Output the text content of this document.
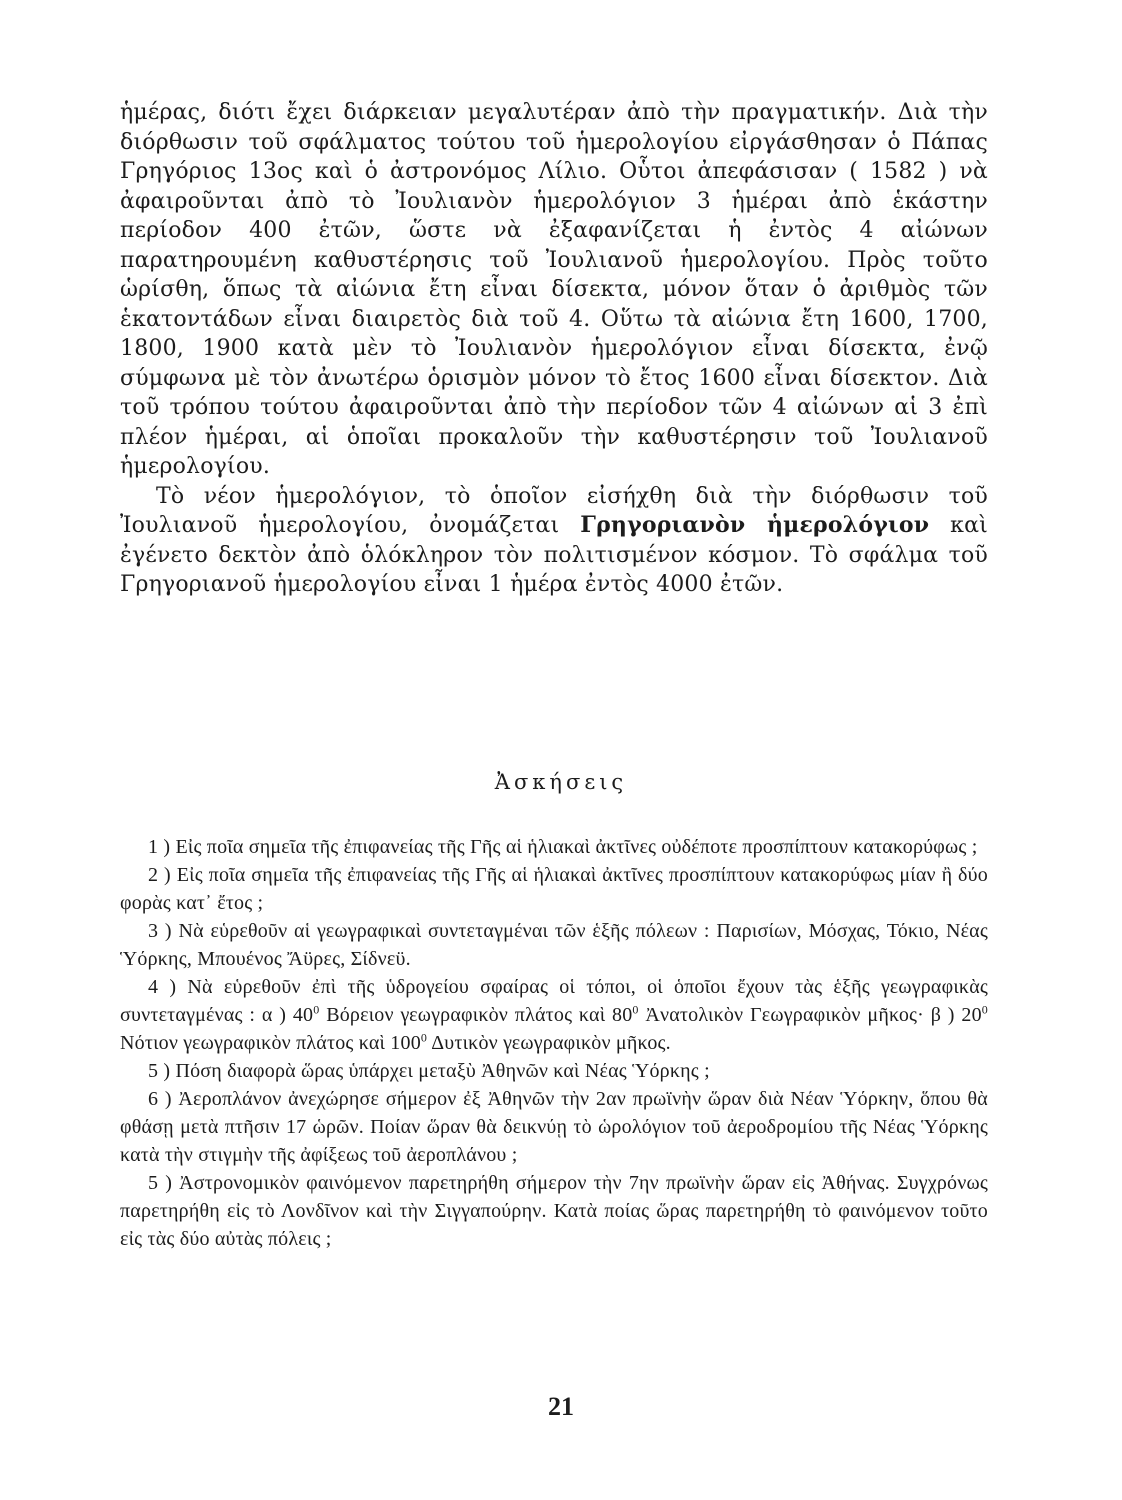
ἡμέρας, διότι ἔχει διάρκειαν μεγαλυτέραν ἀπὸ τὴν πραγματικήν. Διὰ τὴν διόρθωσιν τοῦ σφάλματος τούτου τοῦ ἡμερολογίου εἰργάσθησαν ὁ Πάπας Γρηγόριος 13ος καὶ ὁ ἀστρονόμος Λίλιο. Οὗτοι ἀπεφάσισαν ( 1582 ) νὰ ἀφαιροῦνται ἀπὸ τὸ Ἰουλιανὸν ἡμερολόγιον 3 ἡμέραι ἀπὸ ἑκάστην περίοδον 400 ἐτῶν, ὥστε νὰ ἐξαφανίζεται ἡ ἐντὸς 4 αἰώνων παρατηρουμένη καθυστέρησις τοῦ Ἰουλιανοῦ ἡμερολογίου. Πρὸς τοῦτο ὡρίσθη, ὅπως τὰ αἰώνια ἔτη εἶναι δίσεκτα, μόνον ὅταν ὁ ἀριθμὸς τῶν ἑκατοντάδων εἶναι διαιρετὸς διὰ τοῦ 4. Οὕτω τὰ αἰώνια ἔτη 1600, 1700, 1800, 1900 κατὰ μὲν τὸ Ἰουλιανὸν ἡμερολόγιον εἶναι δίσεκτα, ἐνῷ σύμφωνα μὲ τὸν ἀνωτέρω ὁρισμὸν μόνον τὸ ἔτος 1600 εἶναι δίσεκτον. Διὰ τοῦ τρόπου τούτου ἀφαιροῦνται ἀπὸ τὴν περίοδον τῶν 4 αἰώνων αἱ 3 ἐπὶ πλέον ἡμέραι, αἱ ὁποῖαι προκαλοῦν τὴν καθυστέρησιν τοῦ Ἰουλιανοῦ ἡμερολογίου.

Τὸ νέον ἡμερολόγιον, τὸ ὁποῖον εἰσήχθη διὰ τὴν διόρθωσιν τοῦ Ἰουλιανοῦ ἡμερολογίου, ὀνομάζεται Γρηγοριανὸν ἡμερολόγιον καὶ ἐγένετο δεκτὸν ἀπὸ ὁλόκληρον τὸν πολιτισμένον κόσμον. Τὸ σφάλμα τοῦ Γρηγοριανοῦ ἡμερολογίου εἶναι 1 ἡμέρα ἐντὸς 4000 ἐτῶν.

Ἀσκήσεις

1 ) Εἰς ποῖα σημεῖα τῆς ἐπιφανείας τῆς Γῆς αἱ ἡλιακαὶ ἀκτῖνες οὐδέποτε προσπίπτουν κατακορύφως ;

2 ) Εἰς ποῖα σημεῖα τῆς ἐπιφανείας τῆς Γῆς αἱ ἡλιακαὶ ἀκτῖνες προσπίπτουν κατακορύφως μίαν ἢ δύο φορὰς κατ᾽ ἔτος ;

3 ) Νὰ εὑρεθοῦν αἱ γεωγραφικαὶ συντεταγμέναι τῶν ἑξῆς πόλεων : Παρισίων, Μόσχας, Τόκιο, Νέας Ὑόρκης, Μπουένος Ἄϋρες, Σίδνεϋ.

4 ) Νὰ εὑρεθοῦν ἐπὶ τῆς ὑδρογείου σφαίρας οἱ τόποι, οἱ ὁποῖοι ἔχουν τὰς ἑξῆς γεωγραφικὰς συντεταγμένας : α ) $40^0$ Βόρειον γεωγραφικὸν πλάτος καὶ $80^0$ Ἀνατολικὸν Γεωγραφικὸν μῆκος· β ) $20^0$ Νότιον γεωγραφικὸν πλάτος καὶ $100^0$ Δυτικὸν γεωγραφικὸν μῆκος.

5 ) Πόση διαφορὰ ὥρας ὑπάρχει μεταξὺ Ἀθηνῶν καὶ Νέας Ὑόρκης ;

6 ) Ἀεροπλάνον ἀνεχώρησε σήμερον ἐξ Ἀθηνῶν τὴν 2αν πρωϊνὴν ὥραν διὰ Νέαν Ὑόρκην, ὅπου θὰ φθάσῃ μετὰ πτῆσιν 17 ὡρῶν. Ποίαν ὥραν θὰ δεικνύῃ τὸ ὡρολόγιον τοῦ ἀεροδρομίου τῆς Νέας Ὑόρκης κατὰ τὴν στιγμὴν τῆς ἀφίξεως τοῦ ἀεροπλάνου ;

5 ) Ἀστρονομικὸν φαινόμενον παρετηρήθη σήμερον τὴν 7ην πρωϊνὴν ὥραν εἰς Ἀθήνας. Συγχρόνως παρετηρήθη εἰς τὸ Λονδῖνον καὶ τὴν Σιγγαπούρην. Κατὰ ποίας ὥρας παρετηρήθη τὸ φαινόμενον τοῦτο εἰς τὰς δύο αὐτὰς πόλεις ;

21
